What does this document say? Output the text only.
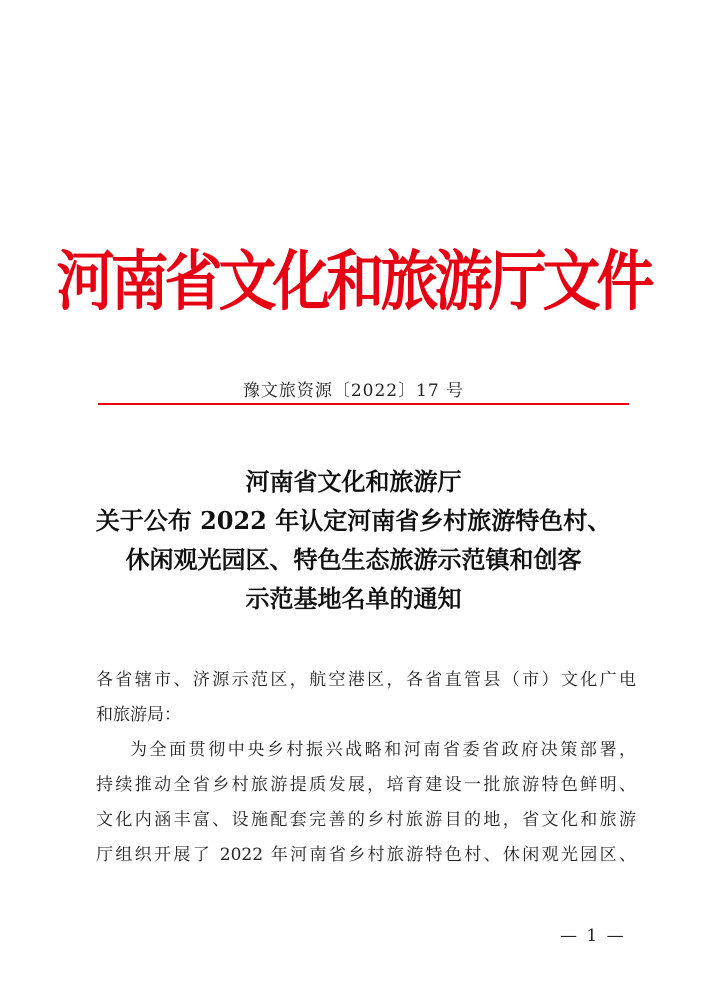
河南省文化和旅游厅文件
豫文旅资源〔2022〕17 号
河南省文化和旅游厅
关于公布 2022 年认定河南省乡村旅游特色村、
休闲观光园区、特色生态旅游示范镇和创客
示范基地名单的通知
各省辖市、济源示范区，航空港区，各省直管县（市）文化广电
和旅游局：
为全面贯彻中央乡村振兴战略和河南省委省政府决策部署，
持续推动全省乡村旅游提质发展，培育建设一批旅游特色鲜明、
文化内涵丰富、设施配套完善的乡村旅游目的地，省文化和旅游
厅组织开展了 2022 年河南省乡村旅游特色村、休闲观光园区、
— 1 —
